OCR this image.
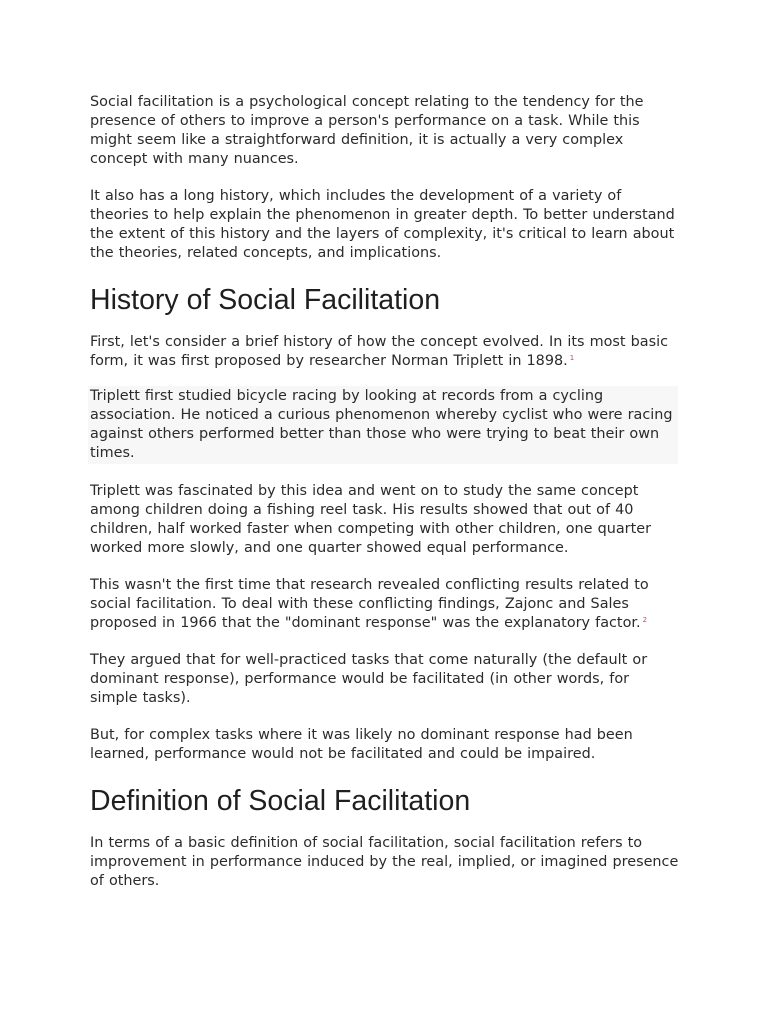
Social facilitation is a psychological concept relating to the tendency for the presence of others to improve a person's performance on a task. While this might seem like a straightforward definition, it is actually a very complex concept with many nuances.

It also has a long history, which includes the development of a variety of theories to help explain the phenomenon in greater depth. To better understand the extent of this history and the layers of complexity, it's critical to learn about the theories, related concepts, and implications.

History of Social Facilitation

First, let's consider a brief history of how the concept evolved. In its most basic form, it was first proposed by researcher Norman Triplett in 1898. $^1$

Triplett first studied bicycle racing by looking at records from a cycling association. He noticed a curious phenomenon whereby cyclist who were racing against others performed better than those who were trying to beat their own times.

Triplett was fascinated by this idea and went on to study the same concept among children doing a fishing reel task. His results showed that out of 40 children, half worked faster when competing with other children, one quarter worked more slowly, and one quarter showed equal performance.

This wasn't the first time that research revealed conflicting results related to social facilitation. To deal with these conflicting findings, Zajonc and Sales proposed in 1966 that the "dominant response" was the explanatory factor. $^2$

They argued that for well-practiced tasks that come naturally (the default or dominant response), performance would be facilitated (in other words, for simple tasks).

But, for complex tasks where it was likely no dominant response had been learned, performance would not be facilitated and could be impaired.

Definition of Social Facilitation

In terms of a basic definition of social facilitation, social facilitation refers to improvement in performance induced by the real, implied, or imagined presence of others.
